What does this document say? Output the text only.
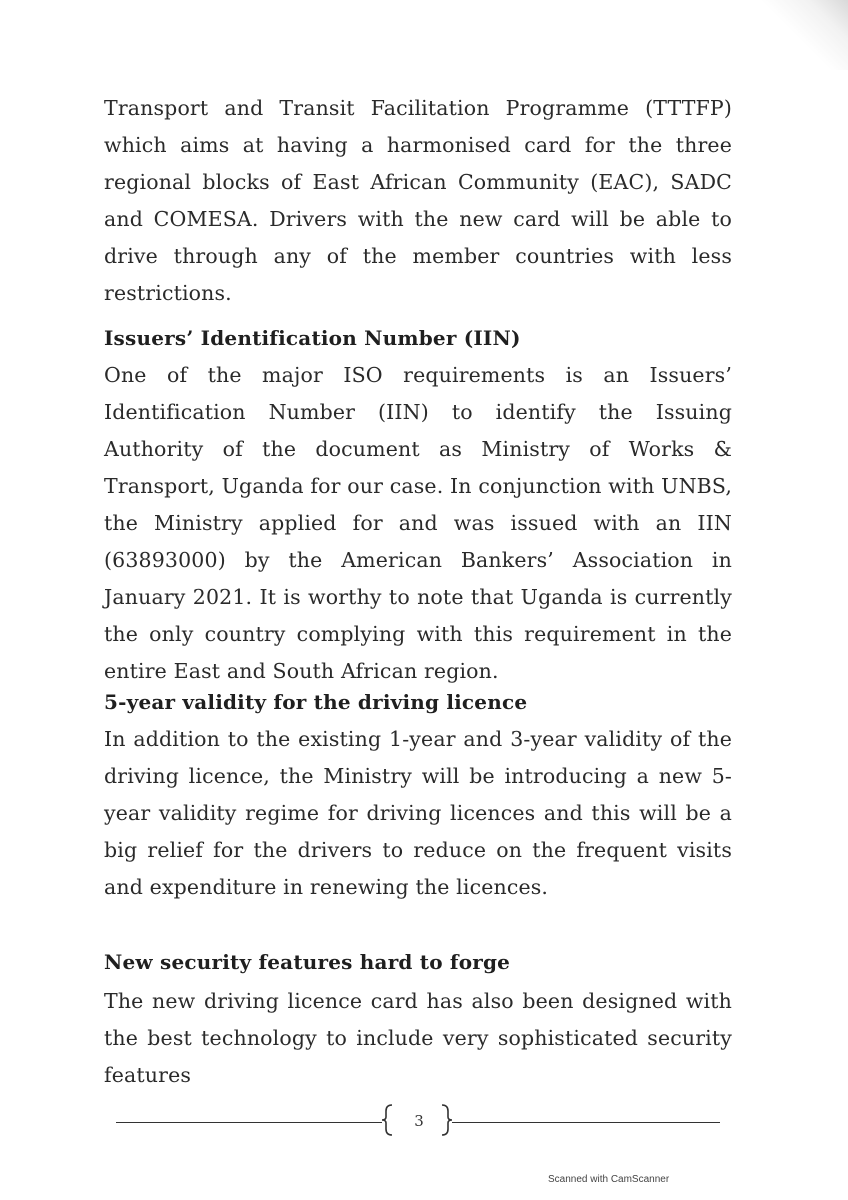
Transport and Transit Facilitation Programme (TTTFP) which aims at having a harmonised card for the three regional blocks of East African Community (EAC), SADC and COMESA. Drivers with the new card will be able to drive through any of the member countries with less restrictions.
Issuers’ Identification Number (IIN)
One of the major ISO requirements is an Issuers’ Identification Number (IIN) to identify the Issuing Authority of the document as Ministry of Works & Transport, Uganda for our case. In conjunction with UNBS, the Ministry applied for and was issued with an IIN (63893000) by the American Bankers’ Association in January 2021. It is worthy to note that Uganda is currently the only country complying with this requirement in the entire East and South African region.
5-year validity for the driving licence
In addition to the existing 1-year and 3-year validity of the driving licence, the Ministry will be introducing a new 5-year validity regime for driving licences and this will be a big relief for the drivers to reduce on the frequent visits and expenditure in renewing the licences.
New security features hard to forge
The new driving licence card has also been designed with the best technology to include very sophisticated security features
3
Scanned with CamScanner
